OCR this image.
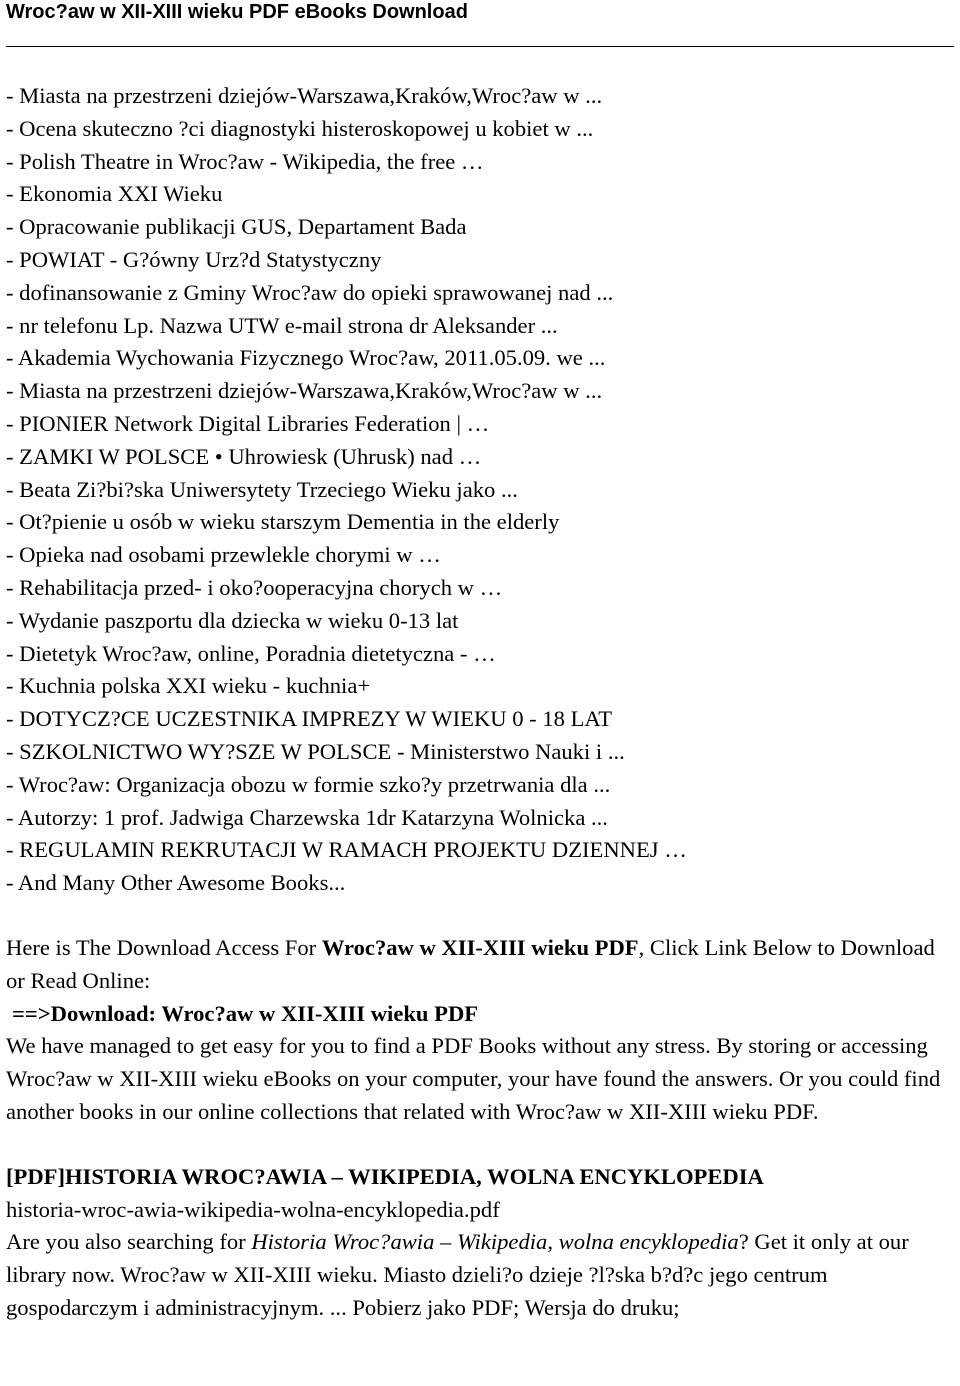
Wroc?aw w XII-XIII wieku PDF eBooks Download
- Miasta na przestrzeni dziejów-Warszawa,Kraków,Wroc?aw w ...
- Ocena skuteczno ?ci diagnostyki histeroskopowej u kobiet w ...
- Polish Theatre in Wroc?aw - Wikipedia, the free …
- Ekonomia XXI Wieku
- Opracowanie publikacji GUS, Departament Bada
- POWIAT - G?ówny Urz?d Statystyczny
- dofinansowanie z Gminy Wroc?aw do opieki sprawowanej nad ...
- nr telefonu Lp. Nazwa UTW e-mail strona dr Aleksander ...
- Akademia Wychowania Fizycznego Wroc?aw, 2011.05.09. we ...
- Miasta na przestrzeni dziejów-Warszawa,Kraków,Wroc?aw w ...
- PIONIER Network Digital Libraries Federation | …
- ZAMKI W POLSCE • Uhrowiesk (Uhrusk) nad …
- Beata Zi?bi?ska Uniwersytety Trzeciego Wieku jako ...
- Ot?pienie u osób w wieku starszym Dementia in the elderly
- Opieka nad osobami przewlekle chorymi w …
- Rehabilitacja przed- i oko?ooperacyjna chorych w …
- Wydanie paszportu dla dziecka w wieku 0-13 lat
- Dietetyk Wroc?aw, online, Poradnia dietetyczna - …
- Kuchnia polska XXI wieku - kuchnia+
- DOTYCZ?CE UCZESTNIKA IMPREZY W WIEKU 0 - 18 LAT
- SZKOLNICTWO WY?SZE W POLSCE - Ministerstwo Nauki i ...
- Wroc?aw: Organizacja obozu w formie szko?y przetrwania dla ...
- Autorzy: 1 prof. Jadwiga Charzewska 1dr Katarzyna Wolnicka ...
- REGULAMIN REKRUTACJI W RAMACH PROJEKTU DZIENNEJ …
- And Many Other Awesome Books...

Here is The Download Access For Wroc?aw w XII-XIII wieku PDF, Click Link Below to Download or Read Online:

==>Download: Wroc?aw w XII-XIII wieku PDF

We have managed to get easy for you to find a PDF Books without any stress. By storing or accessing Wroc?aw w XII-XIII wieku eBooks on your computer, your have found the answers. Or you could find another books in our online collections that related with Wroc?aw w XII-XIII wieku PDF.

[PDF]HISTORIA WROC?AWIA – WIKIPEDIA, WOLNA ENCYKLOPEDIA

historia-wroc-awia-wikipedia-wolna-encyklopedia.pdf

Are you also searching for Historia Wroc?awia – Wikipedia, wolna encyklopedia? Get it only at our library now. Wroc?aw w XII-XIII wieku. Miasto dzieli?o dzieje ?l?ska b?d?c jego centrum gospodarczym i administracyjnym. ... Pobierz jako PDF; Wersja do druku;
